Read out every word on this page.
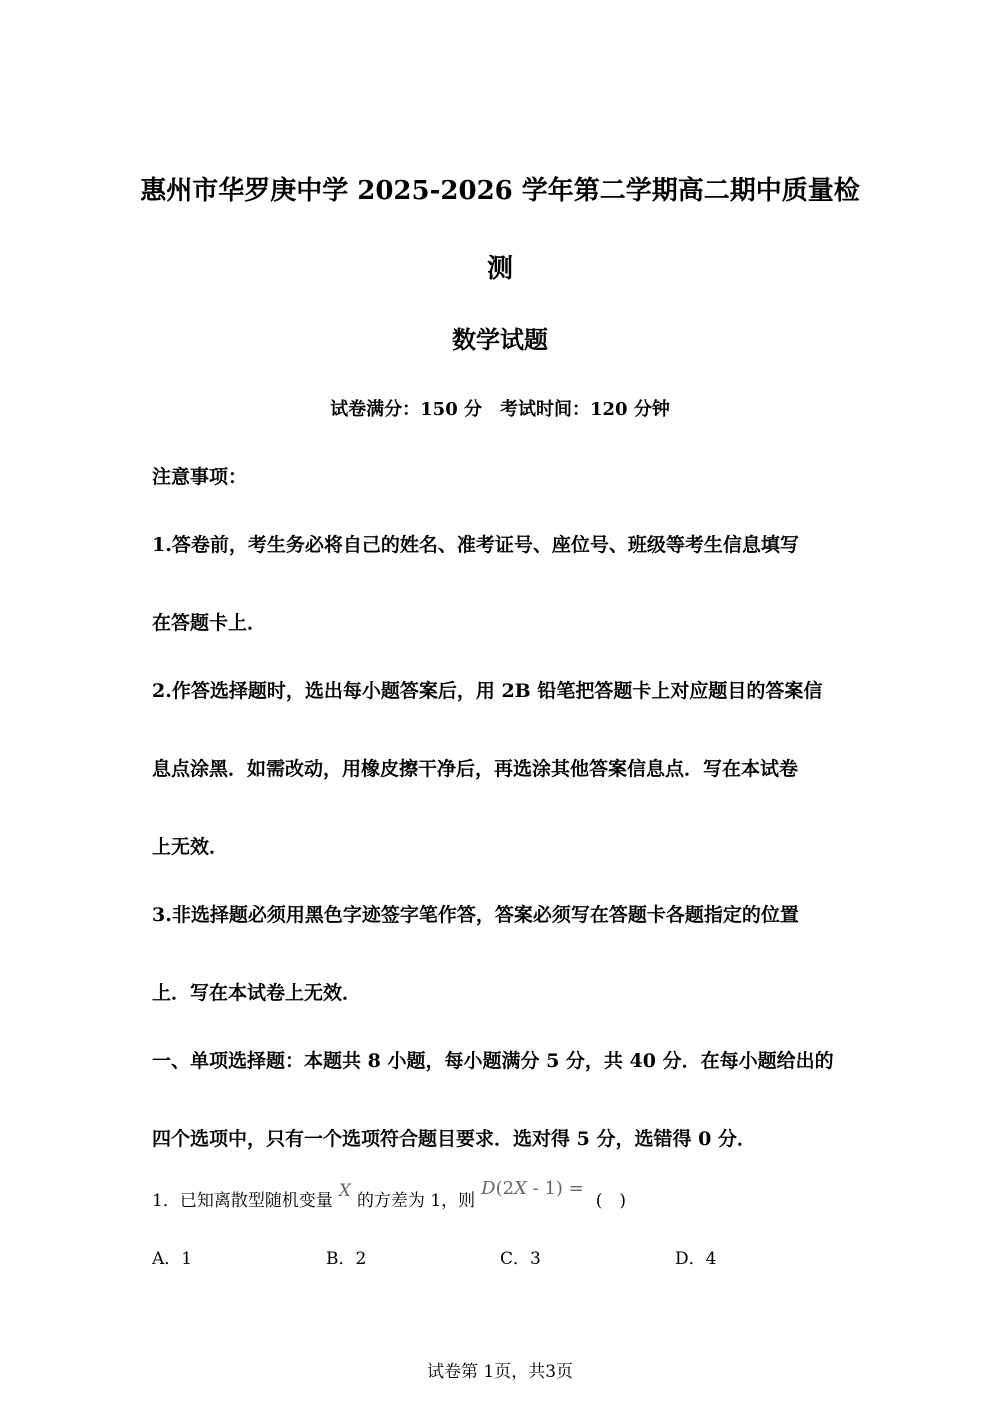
惠州市华罗庚中学 2025-2026 学年第二学期高二期中质量检
测
数学试题
试卷满分：150 分　考试时间：120 分钟
注意事项：
1.答卷前，考生务必将自己的姓名、准考证号、座位号、班级等考生信息填写
在答题卡上．
2.作答选择题时，选出每小题答案后，用 2B 铅笔把答题卡上对应题目的答案信
息点涂黑．如需改动，用橡皮擦干净后，再选涂其他答案信息点．写在本试卷
上无效．
3.非选择题必须用黑色字迹签字笔作答，答案必须写在答题卡各题指定的位置
上．写在本试卷上无效．
一、单项选择题：本题共 8 小题，每小题满分 5 分，共 40 分．在每小题给出的
四个选项中，只有一个选项符合题目要求．选对得 5 分，选错得 0 分．
1．已知离散型随机变量 X 的方差为 1，则
D(2X - 1) =
(　)
A．1	B．2	C．3	D．4
试卷第 1页，共3页
